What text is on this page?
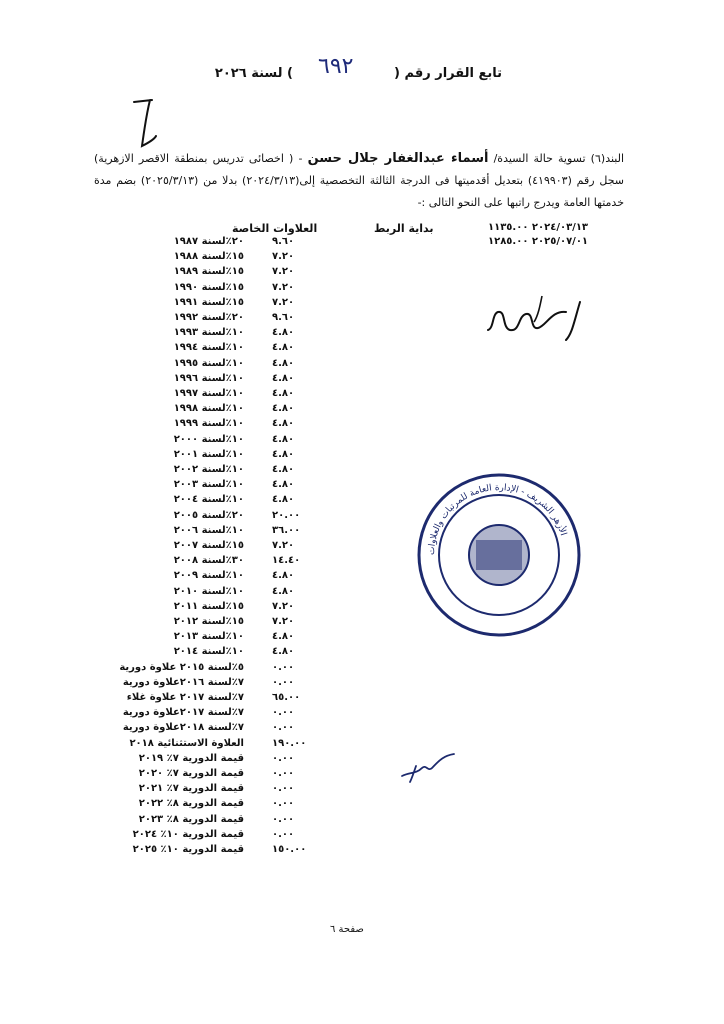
تابع القرار رقم (  ) لسنة ٢٠٢٦	٦٩٢
البند(٦) تسوية حالة السيدة/ أسماء عبدالغفار جلال حسن - ( اخصائى تدريس بمنطقة الاقصر الازهرية) سجل رقم (٤١٩٩٠٣) بتعديل أقدميتها فى الدرجة الثالثة التخصصية إلى(٢٠٢٤/٣/١٣) بدلا من (٢٠٢٥/٣/١٣) بضم مدة خدمتها العامة ويدرج راتبها على النحو التالى :-
العلاوات الخاصة	بداية الربط	٢٠٢٤/٠٣/١٣ ١١٣٥.٠٠
٢٠٢٥/٠٧/٠١ ١٢٨٥.٠٠
٢٠٪لسنة ١٩٨٧	٩.٦٠
١٥٪لسنة ١٩٨٨	٧.٢٠
١٥٪لسنة ١٩٨٩	٧.٢٠
١٥٪لسنة ١٩٩٠	٧.٢٠
١٥٪لسنة ١٩٩١	٧.٢٠
٢٠٪لسنة ١٩٩٢	٩.٦٠
١٠٪لسنة ١٩٩٣	٤.٨٠
١٠٪لسنة ١٩٩٤	٤.٨٠
١٠٪لسنة ١٩٩٥	٤.٨٠
١٠٪لسنة ١٩٩٦	٤.٨٠
١٠٪لسنة ١٩٩٧	٤.٨٠
١٠٪لسنة ١٩٩٨	٤.٨٠
١٠٪لسنة ١٩٩٩	٤.٨٠
١٠٪لسنة ٢٠٠٠	٤.٨٠
١٠٪لسنة ٢٠٠١	٤.٨٠
١٠٪لسنة ٢٠٠٢	٤.٨٠
١٠٪لسنة ٢٠٠٣	٤.٨٠
١٠٪لسنة ٢٠٠٤	٤.٨٠
٢٠٪لسنة ٢٠٠٥	٢٠.٠٠
١٠٪لسنة ٢٠٠٦	٣٦.٠٠
١٥٪لسنة ٢٠٠٧	٧.٢٠
٣٠٪لسنة ٢٠٠٨	١٤.٤٠
١٠٪لسنة ٢٠٠٩	٤.٨٠
١٠٪لسنة ٢٠١٠	٤.٨٠
١٥٪لسنة ٢٠١١	٧.٢٠
١٥٪لسنة ٢٠١٢	٧.٢٠
١٠٪لسنة ٢٠١٣	٤.٨٠
١٠٪لسنة ٢٠١٤	٤.٨٠
٥٪لسنة ٢٠١٥ علاوة دورية	٠.٠٠
٧٪لسنة ٢٠١٦علاوة دورية	٠.٠٠
٧٪لسنة ٢٠١٧ علاوة غلاء	٦٥.٠٠
٧٪لسنة ٢٠١٧علاوة دورية	٠.٠٠
٧٪لسنة ٢٠١٨علاوة دورية	٠.٠٠
العلاوة الاستثنائية ٢٠١٨	١٩٠.٠٠
قيمة الدورية ٧٪ ٢٠١٩	٠.٠٠
قيمة الدورية ٧٪ ٢٠٢٠	٠.٠٠
قيمة الدورية ٧٪ ٢٠٢١	٠.٠٠
قيمة الدورية ٨٪ ٢٠٢٢	٠.٠٠
قيمة الدورية ٨٪ ٢٠٢٣	٠.٠٠
قيمة الدورية ١٠٪ ٢٠٢٤	٠.٠٠
قيمة الدورية ١٠٪ ٢٠٢٥	١٥٠.٠٠
الأزهر الشريف - الإدارة العامة للمرتبات والعلاوات
صفحة ٦
